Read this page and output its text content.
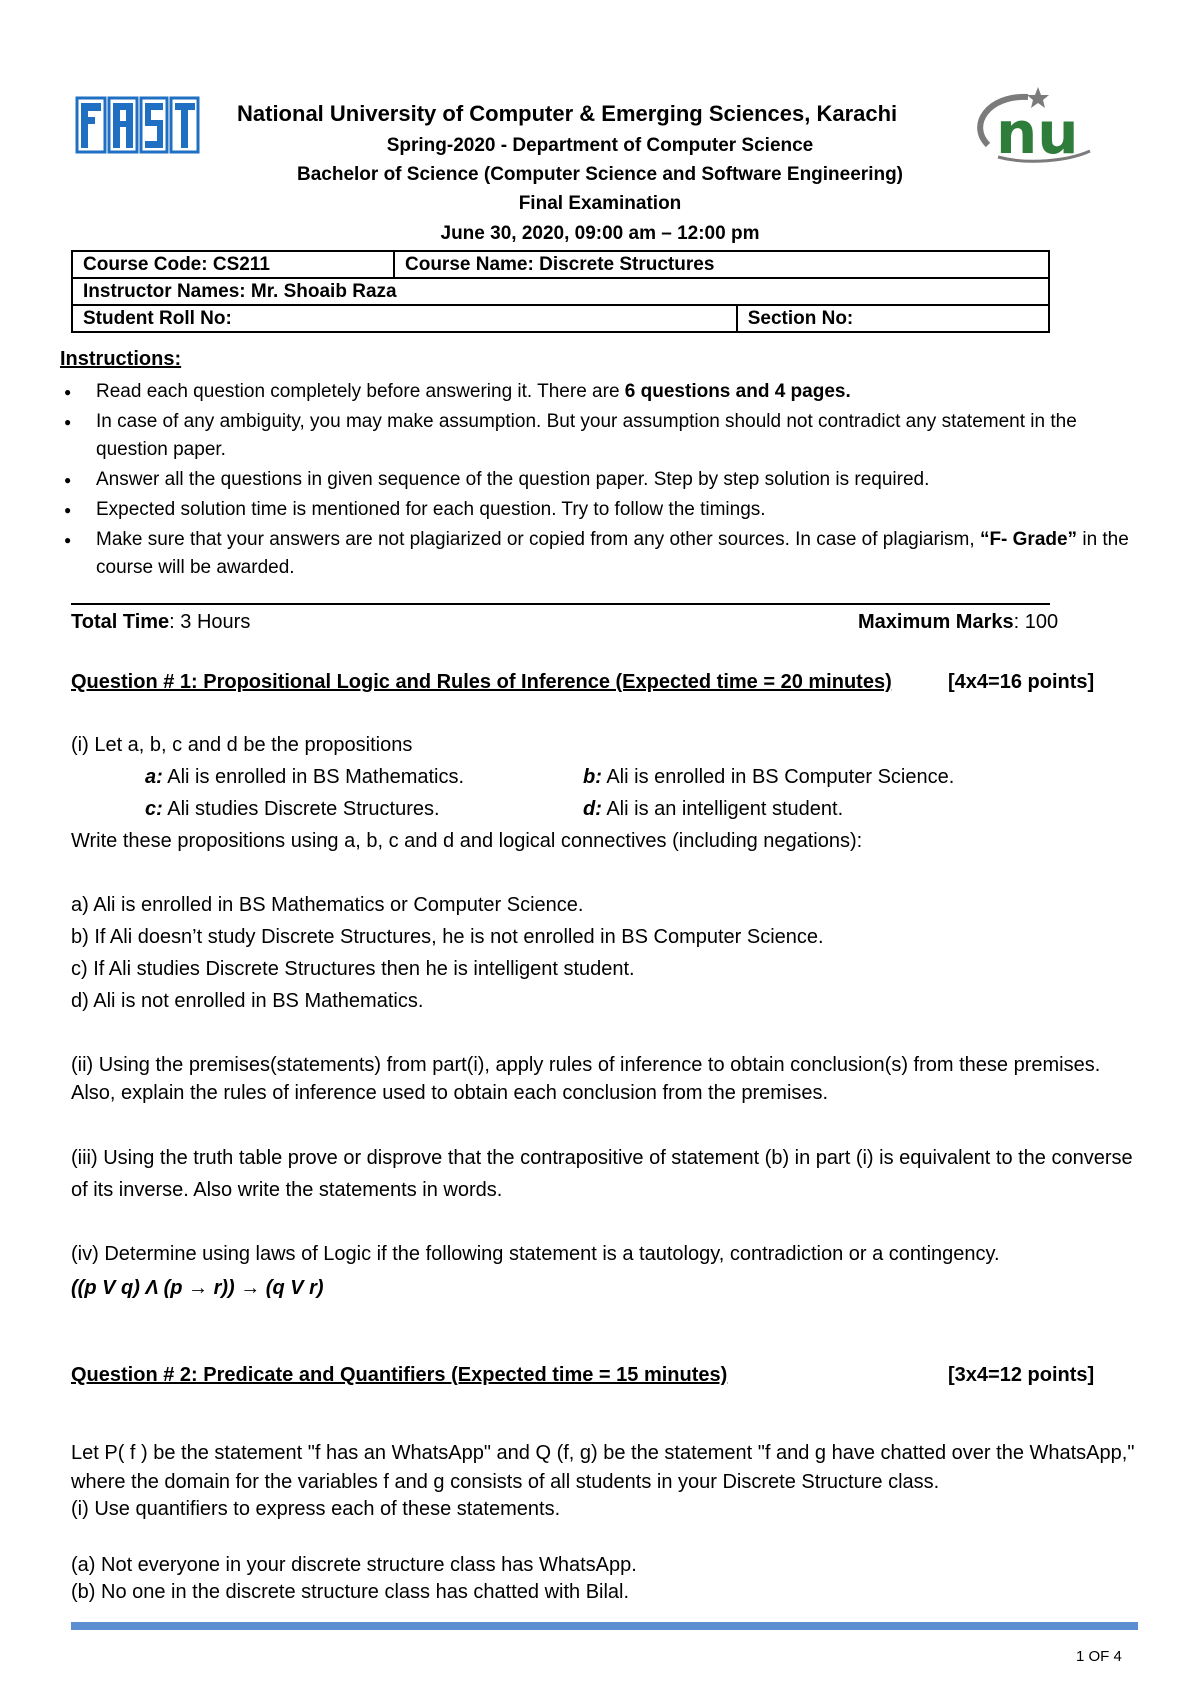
nu
National University of Computer & Emerging Sciences, Karachi
Spring-2020 - Department of Computer Science
Bachelor of Science (Computer Science and Software Engineering)
Final Examination
June 30, 2020, 09:00 am – 12:00 pm
Course Code: CS211	Course Name: Discrete Structures	
Instructor Names: Mr. Shoaib Raza		
Student Roll No:		Section No:
Instructions:
● Read each question completely before answering it. There are 6 questions and 4 pages.
● In case of any ambiguity, you may make assumption. But your assumption should not contradict any statement in the question paper.
● Answer all the questions in given sequence of the question paper. Step by step solution is required.
● Expected solution time is mentioned for each question. Try to follow the timings.
● Make sure that your answers are not plagiarized or copied from any other sources. In case of plagiarism, “F- Grade” in the course will be awarded.
Total Time: 3 Hours	Maximum Marks: 100
Question # 1: Propositional Logic and Rules of Inference (Expected time = 20 minutes)	[4x4=16 points]
(i) Let a, b, c and d be the propositions
a: Ali is enrolled in BS Mathematics.	b: Ali is enrolled in BS Computer Science.
c: Ali studies Discrete Structures.	d: Ali is an intelligent student.
Write these propositions using a, b, c and d and logical connectives (including negations):
a) Ali is enrolled in BS Mathematics or Computer Science.
b) If Ali doesn’t study Discrete Structures, he is not enrolled in BS Computer Science.
c) If Ali studies Discrete Structures then he is intelligent student.
d) Ali is not enrolled in BS Mathematics.
(ii) Using the premises(statements) from part(i), apply rules of inference to obtain conclusion(s) from these premises.
Also, explain the rules of inference used to obtain each conclusion from the premises.
(iii) Using the truth table prove or disprove that the contrapositive of statement (b) in part (i) is equivalent to the converse
of its inverse. Also write the statements in words.
(iv) Determine using laws of Logic if the following statement is a tautology, contradiction or a contingency.
((p V q) Λ (p → r)) → (q V r)
Question # 2: Predicate and Quantifiers (Expected time = 15 minutes)	[3x4=12 points]
Let P( f ) be the statement "f has an WhatsApp" and Q (f, g) be the statement "f and g have chatted over the WhatsApp,"
where the domain for the variables f and g consists of all students in your Discrete Structure class.
(i) Use quantifiers to express each of these statements.
(a) Not everyone in your discrete structure class has WhatsApp.
(b) No one in the discrete structure class has chatted with Bilal.
1 OF 4
